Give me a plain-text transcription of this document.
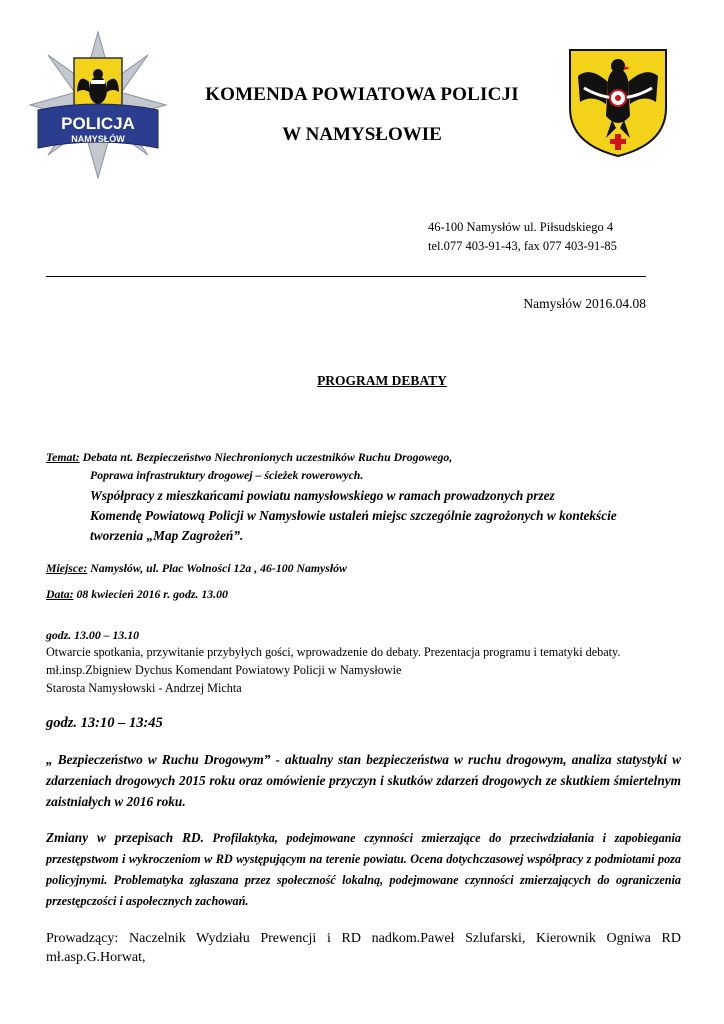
POLICJA
NAMYSŁÓW
KOMENDA POWIATOWA POLICJI
W NAMYSŁOWIE
46-100 Namysłów ul. Piłsudskiego 4
tel.077 403-91-43, fax 077 403-91-85
Namysłów 2016.04.08
PROGRAM DEBATY
Temat: Debata nt. Bezpieczeństwo Niechronionych uczestników Ruchu Drogowego,
Poprawa infrastruktury drogowej – ścieżek rowerowych.
Współpracy z mieszkańcami powiatu namysłowskiego w ramach prowadzonych przez
Komendę Powiatową Policji w Namysłowie ustaleń miejsc szczególnie zagrożonych w kontekście
tworzenia „Map Zagrożeń”.
Miejsce: Namysłów, ul. Plac Wolności 12a , 46-100 Namysłów
Data: 08 kwiecień 2016 r. godz. 13.00
godz. 13.00 – 13.10
Otwarcie spotkania, przywitanie przybyłych gości, wprowadzenie do debaty. Prezentacja programu i tematyki debaty.
mł.insp.Zbigniew Dychus Komendant Powiatowy Policji w Namysłowie
Starosta Namysłowski - Andrzej Michta
godz. 13:10 – 13:45
„ Bezpieczeństwo w Ruchu Drogowym” - aktualny stan bezpieczeństwa w ruchu drogowym, analiza statystyki w zdarzeniach drogowych 2015 roku oraz omówienie przyczyn i skutków zdarzeń drogowych ze skutkiem śmiertelnym zaistniałych w 2016 roku.
Zmiany w przepisach RD. Profilaktyka, podejmowane czynności zmierzające do przeciwdziałania i zapobiegania przestępstwom i wykroczeniom w RD występującym na terenie powiatu. Ocena dotychczasowej współpracy z podmiotami poza policyjnymi. Problematyka zgłaszana przez społeczność lokalną, podejmowane czynności zmierzających do ograniczenia przestępczości i aspołecznych zachowań.
Prowadzący: Naczelnik Wydziału Prewencji i RD nadkom.Paweł Szlufarski, Kierownik Ogniwa RD mł.asp.G.Horwat,
